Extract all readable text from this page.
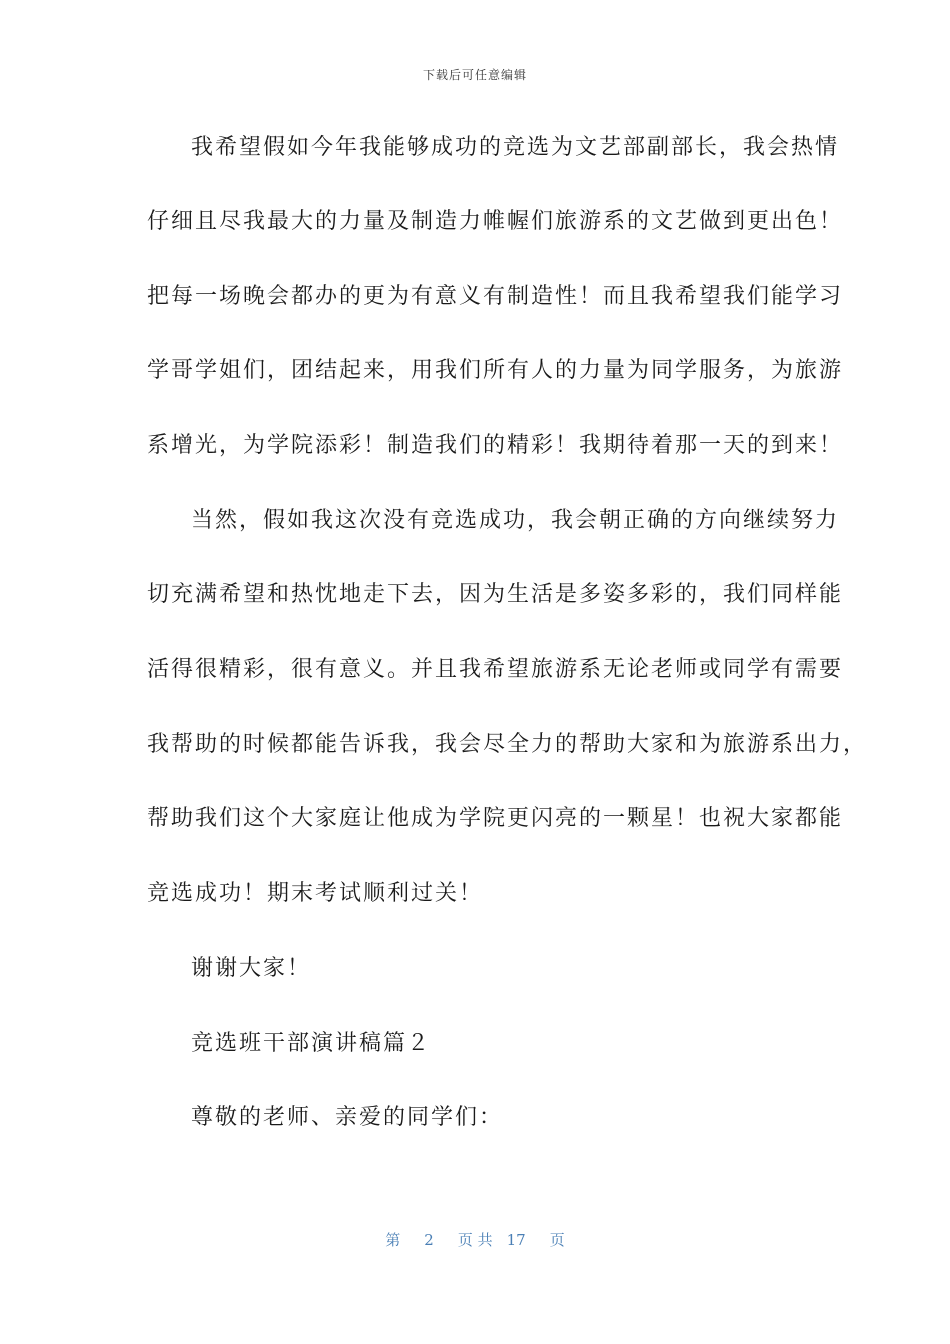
下载后可任意编辑
我希望假如今年我能够成功的竞选为文艺部副部长，我会热情
仔细且尽我最大的力量及制造力帷幄们旅游系的文艺做到更出色！
把每一场晚会都办的更为有意义有制造性！而且我希望我们能学习
学哥学姐们，团结起来，用我们所有人的力量为同学服务，为旅游
系增光，为学院添彩！制造我们的精彩！我期待着那一天的到来！
当然，假如我这次没有竞选成功，我会朝正确的方向继续努力
切充满希望和热忱地走下去，因为生活是多姿多彩的，我们同样能
活得很精彩，很有意义。并且我希望旅游系无论老师或同学有需要
我帮助的时候都能告诉我，我会尽全力的帮助大家和为旅游系出力，
帮助我们这个大家庭让他成为学院更闪亮的一颗星！也祝大家都能
竞选成功！期末考试顺利过关！
谢谢大家！
竞选班干部演讲稿篇２
尊敬的老师、亲爱的同学们：
第 2 页 共 17 页
